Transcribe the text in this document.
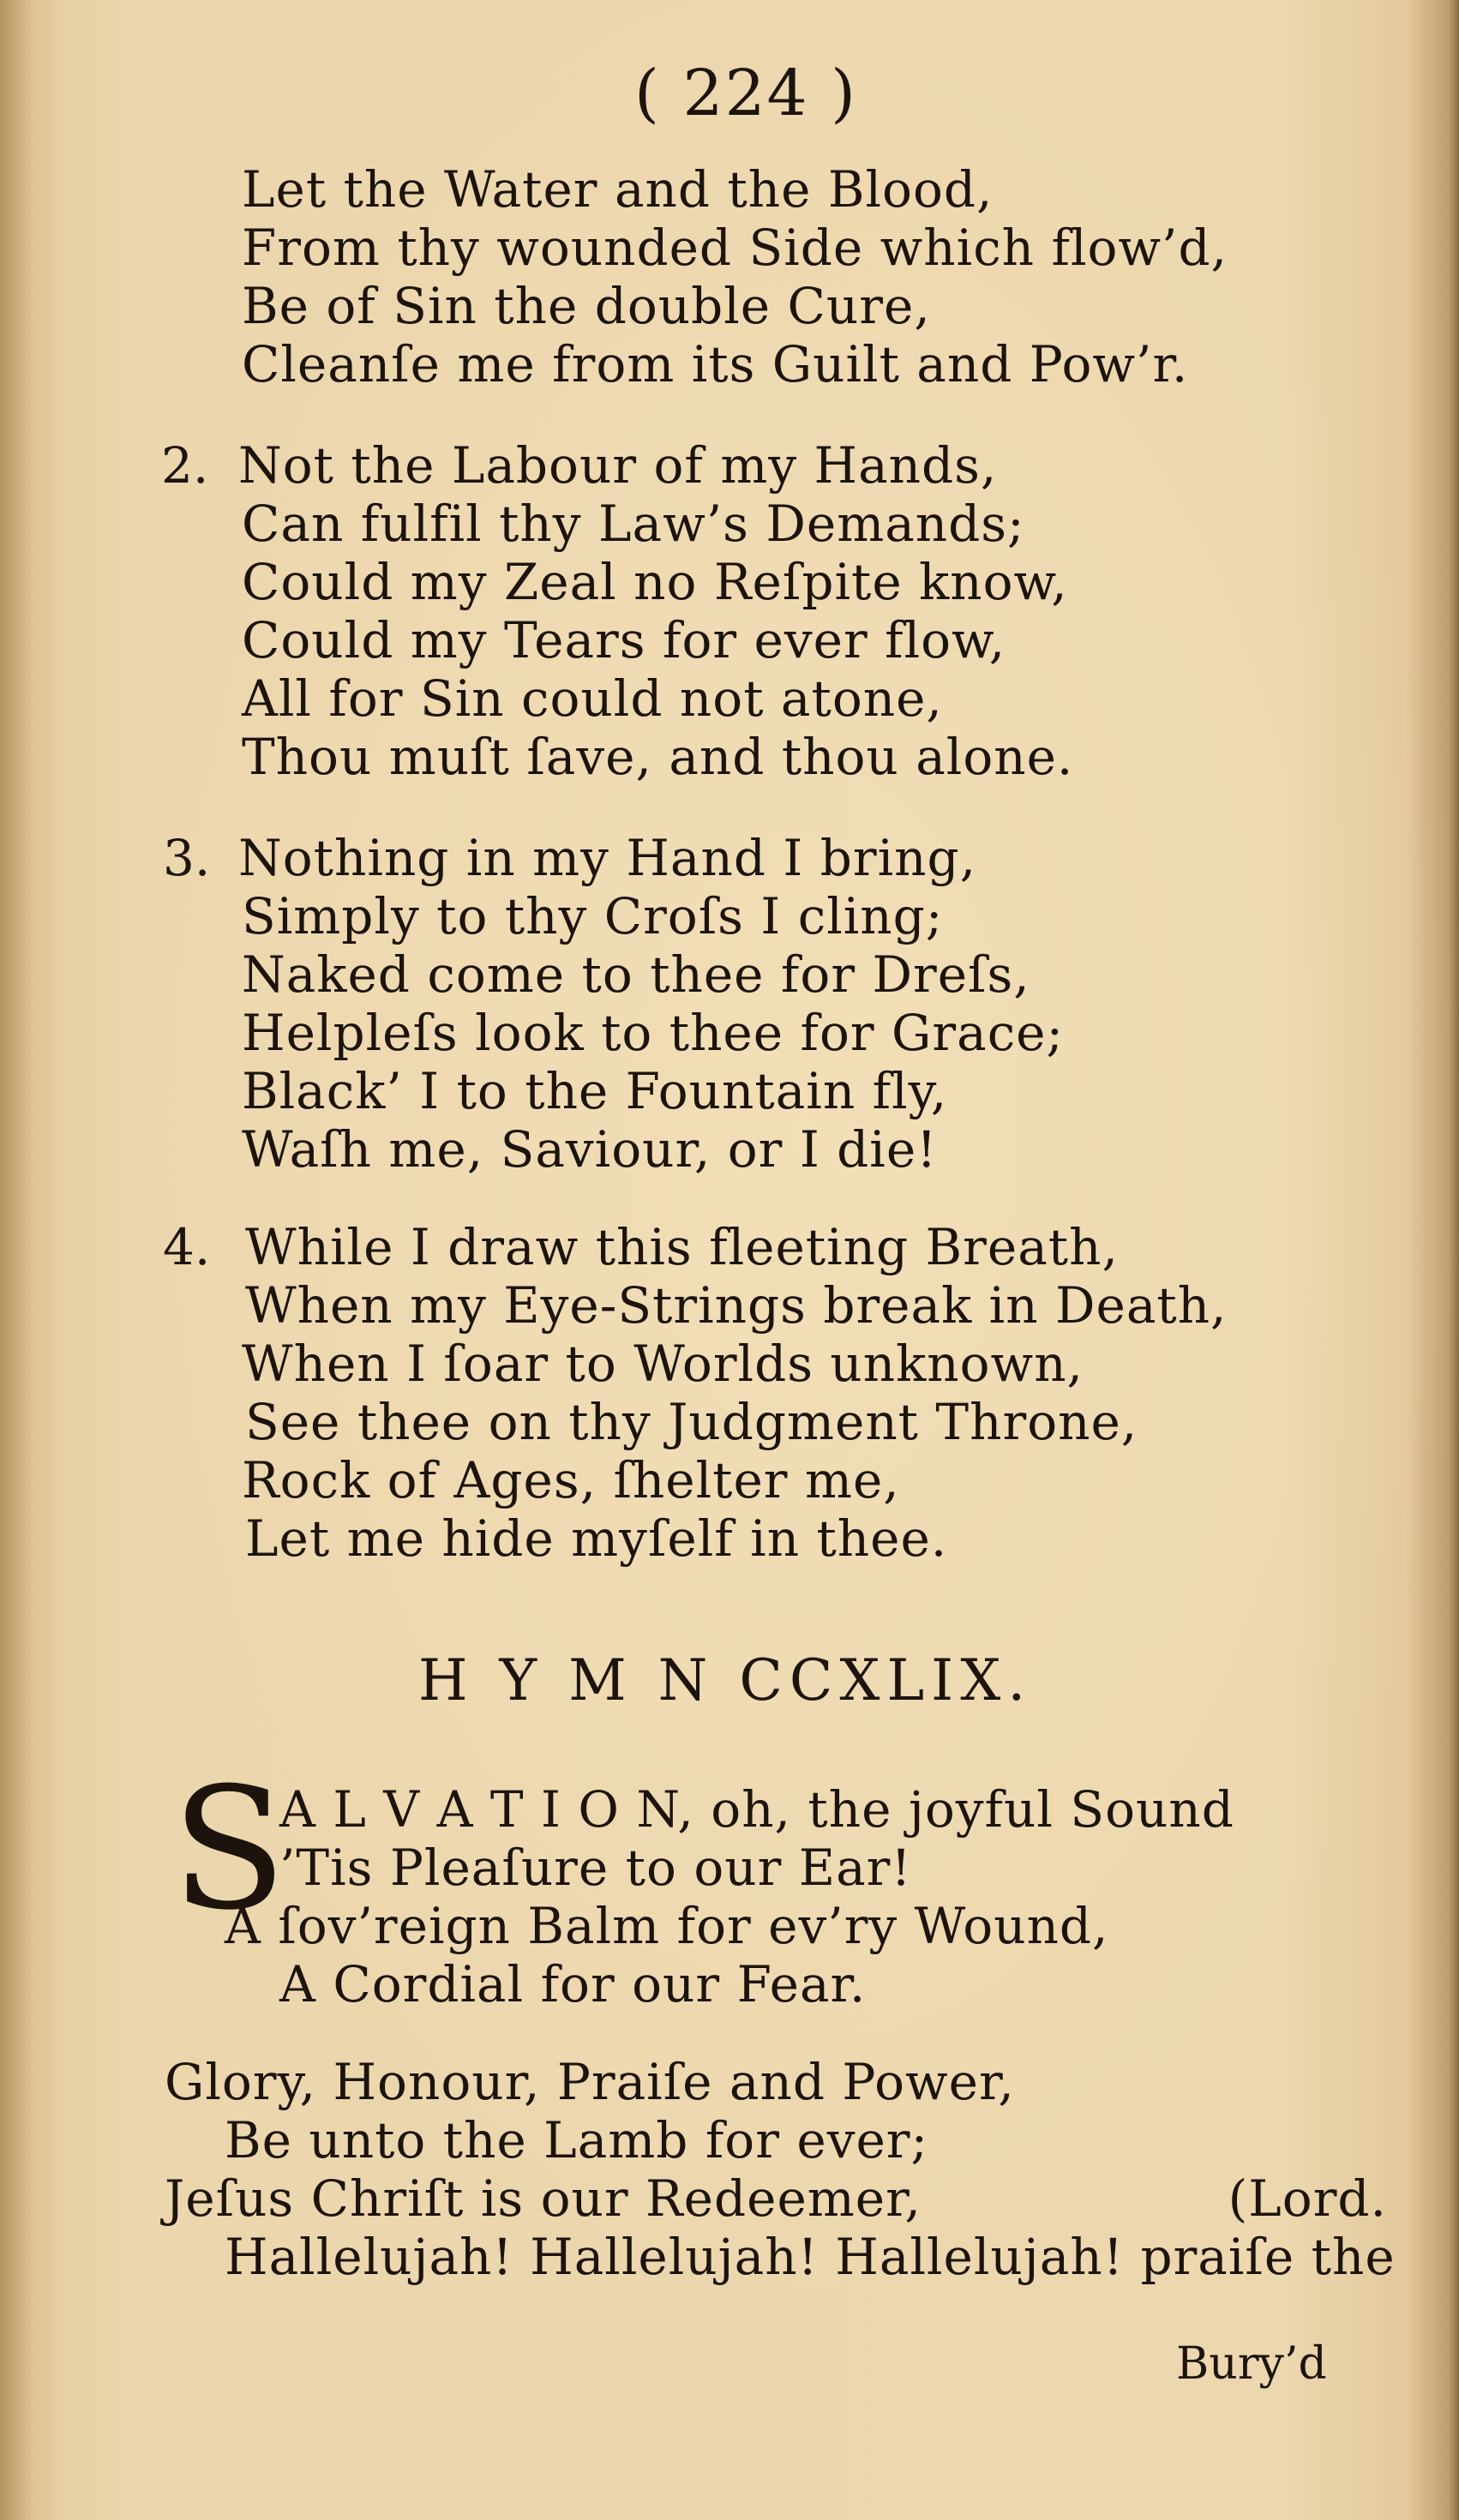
( 224 )
Let the Water and the Blood,
From thy wounded Side which flow’d,
Be of Sin the double Cure,
Cleanſe me from its Guilt and Pow’r.
2. Not the Labour of my Hands,
Can fulfil thy Law’s Demands;
Could my Zeal no Reſpite know,
Could my Tears for ever flow,
All for Sin could not atone,
Thou muſt ſave, and thou alone.
3. Nothing in my Hand I bring,
Simply to thy Croſs I cling;
Naked come to thee for Dreſs,
Helpleſs look to thee for Grace;
Black’ I to the Fountain fly,
Waſh me, Saviour, or I die!
4. While I draw this fleeting Breath,
When my Eye-Strings break in Death,
When I ſoar to Worlds unknown,
See thee on thy Judgment Throne,
Rock of Ages, ſhelter me,
Let me hide myſelf in thee.
H Y M N CCXLIX.
S
A L V A T I O N, oh, the joyful Sound
’Tis Pleaſure to our Ear!
A ſov’reign Balm for ev’ry Wound,
A Cordial for our Fear.
Glory, Honour, Praiſe and Power,
Be unto the Lamb for ever;
Jeſus Chriſt is our Redeemer,	(Lord.
Hallelujah! Hallelujah! Hallelujah! praiſe the
Bury’d
